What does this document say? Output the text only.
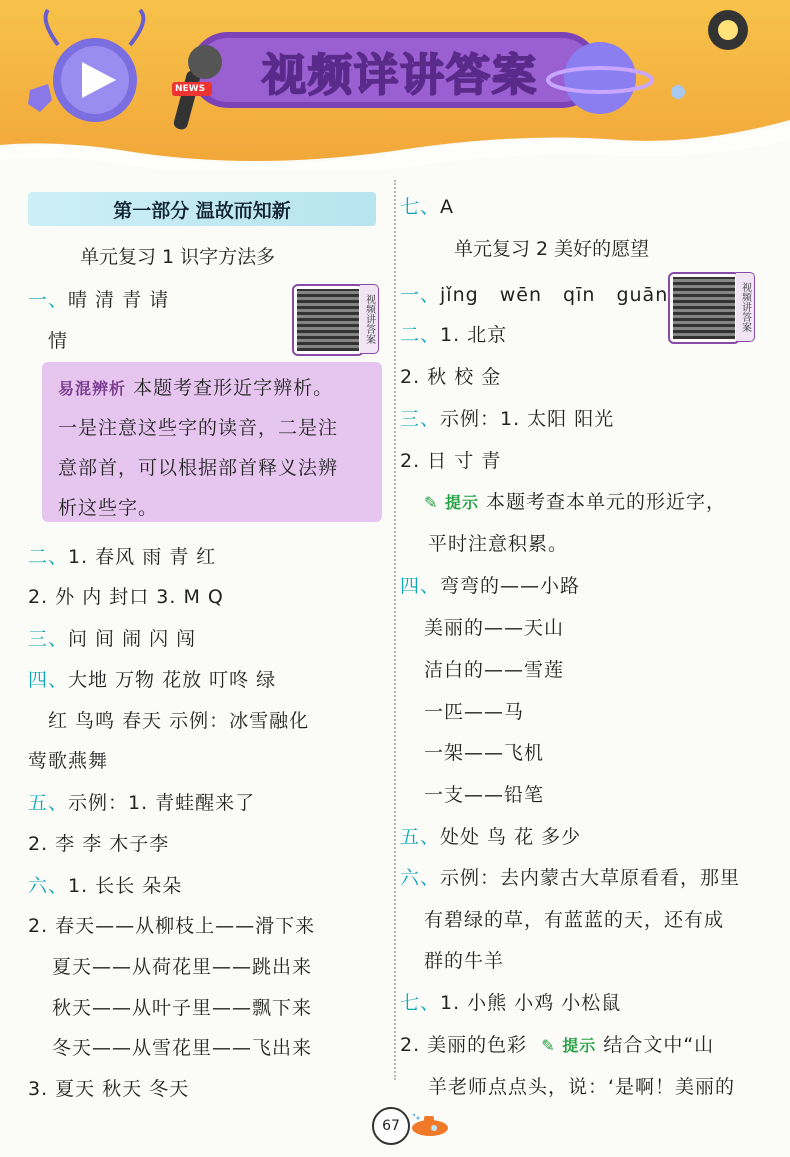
视频详讲答案
NEWS
第一部分 温故而知新
单元复习 1 识字方法多
视频讲答案
一、晴 清 青 请
情
易混辨析 本题考查形近字辨析。
一是注意这些字的读音，二是注
意部首，可以根据部首释义法辨
析这些字。
二、1. 春风 雨 青 红
2. 外 内 封口 3. M Q
三、问 间 闹 闪 闯
四、大地 万物 花放 叮咚 绿
红 鸟鸣 春天 示例：冰雪融化
莺歌燕舞
五、示例：1. 青蛙醒来了
2. 李 李 木子李
六、1. 长长 朵朵
2. 春天——从柳枝上——滑下来
夏天——从荷花里——跳出来
秋天——从叶子里——飘下来
冬天——从雪花里——飞出来
3. 夏天 秋天 冬天
七、A
单元复习 2 美好的愿望
视频讲答案
一、jǐng wēn qīn guān
二、1. 北京
2. 秋 校 金
三、示例：1. 太阳 阳光
2. 日 寸 青
✎ 提示 本题考查本单元的形近字，
平时注意积累。
四、弯弯的——小路
美丽的——天山
洁白的——雪莲
一匹——马
一架——飞机
一支——铅笔
五、处处 鸟 花 多少
六、示例：去内蒙古大草原看看，那里
有碧绿的草，有蓝蓝的天，还有成
群的牛羊
七、1. 小熊 小鸡 小松鼠
2. 美丽的色彩 ✎ 提示 结合文中“山
羊老师点点头，说：‘是啊！美丽的
67
